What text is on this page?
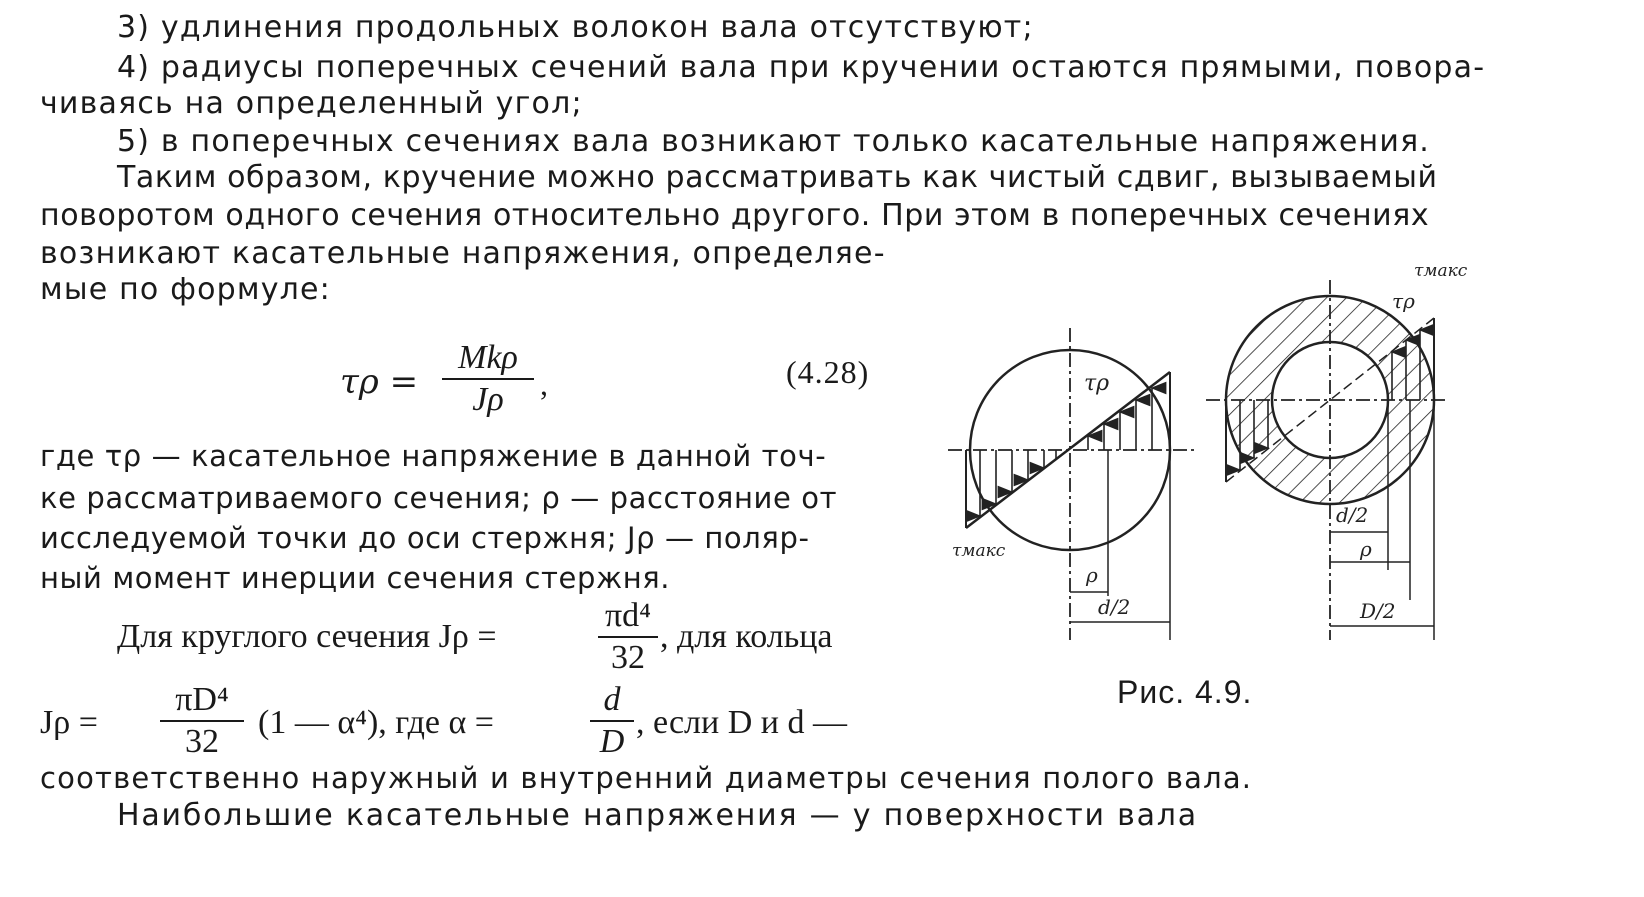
3) удлинения продольных волокон вала отсутствуют;

4) радиусы поперечных сечений вала при кручении остаются прямыми, повора-

чиваясь на определенный угол;

5) в поперечных сечениях вала возникают только касательные напряжения.

Таким образом, кручение можно рассматривать как чистый сдвиг, вызываемый

поворотом одного сечения относительно другого. При этом в поперечных сечениях

возникают касательные напряжения, определяе-

мые по формуле:

τρ =
Mkρ
Jρ	,	(4.28)

где τρ — касательное напряжение в данной точ-

ке рассматриваемого сечения; ρ — расстояние от

исследуемой точки до оси стержня; Jρ — поляр-

ный момент инерции сечения стержня.

Для круглого сечения Jρ =
πd⁴
32
, для кольца
Jρ =
πD⁴
32
(1 — α⁴), где α =
d
D
, если D и d —

соответственно наружный и внутренний диаметры сечения полого вала.

Наибольшие касательные напряжения — у поверхности вала

τρ
τмакс
ρ
d/2
τмакс
τρ
d/2
ρ
D/2
Рис. 4.9.
